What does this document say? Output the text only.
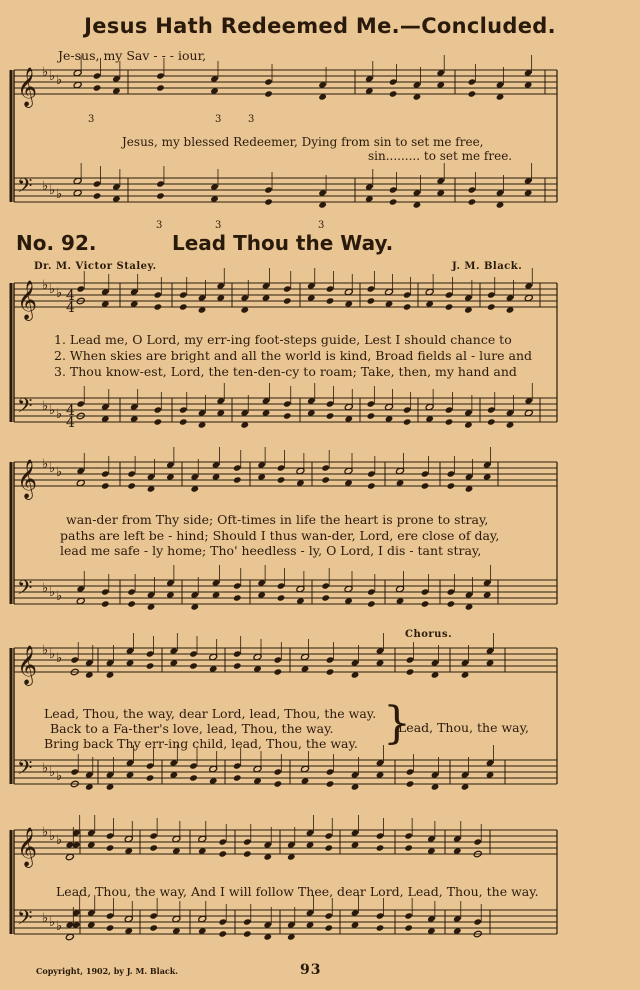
Jesus Hath Redeemed Me.—Concluded.
Je-sus, my Sav - - - iour,
Jesus, my blessed Redeemer, Dying from sin to set me free,
sin......... to set me free.
No. 92.	Lead Thou the Way.
Dr. M. Victor Staley.	J. M. Black.
1. Lead me, O Lord, my err-ing foot-steps guide, Lest I should chance to
2. When skies are bright and all the world is kind, Broad fields al - lure and
3. Thou know-est, Lord, the ten-den-cy to roam; Take, then, my hand and
wan-der from Thy side; Oft-times in life the heart is prone to stray,
paths are left be - hind; Should I thus wan-der, Lord, ere close of day,
lead me safe - ly home; Tho' heedless - ly, O Lord, I dis - tant stray,
Chorus.
Lead, Thou, the way, dear Lord, lead, Thou, the way.
Back to a Fa-ther's love, lead, Thou, the way.
Bring back Thy err-ing child, lead, Thou, the way. }
Lead, Thou, the way,
Lead, Thou, the way, And I will follow Thee, dear Lord, Lead, Thou, the way.
Copyright, 1902, by J. M. Black.	93
𝄞 ♭ ♭ ♭
𝄢 ♭ ♭ ♭
𝄞 ♭ ♭ ♭
𝄢 ♭ ♭ ♭
𝄞 ♭ ♭ ♭
𝄢 ♭ ♭ ♭
𝄞 ♭ ♭ ♭
𝄢 ♭ ♭ ♭
𝄞 ♭ ♭ ♭
𝄢 ♭ ♭ ♭
4
4
4
4
3	3	3
3	3	3
